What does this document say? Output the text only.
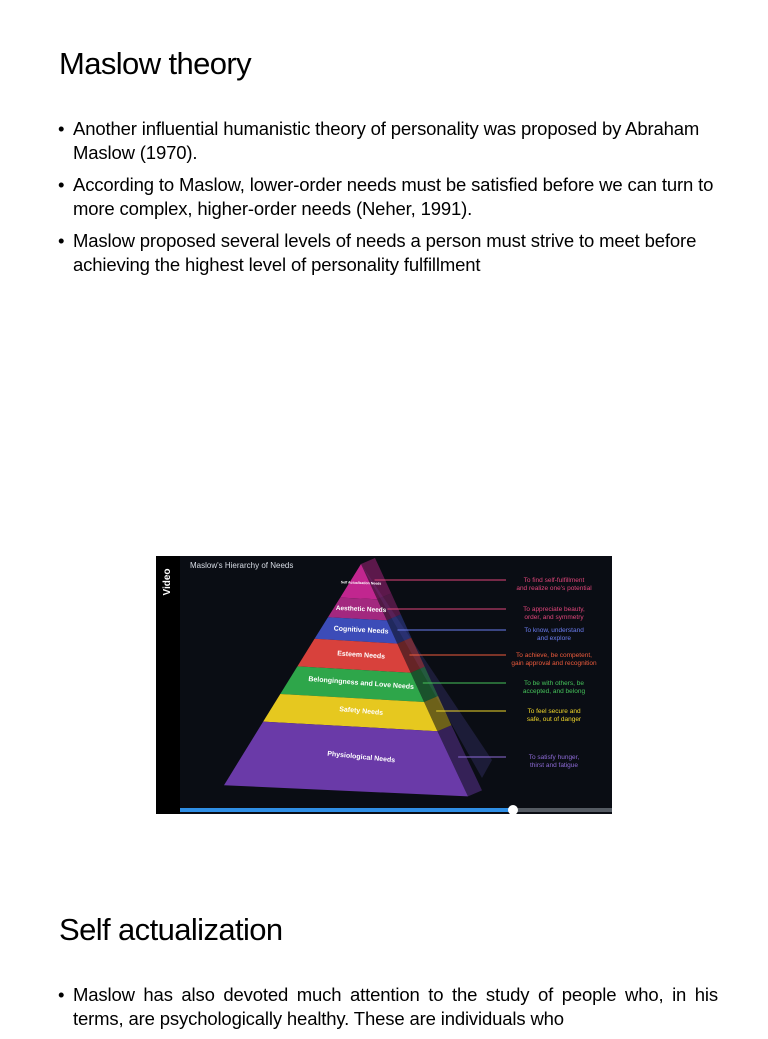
Maslow theory
• Another influential humanistic theory of personality was proposed by Abraham Maslow (1970).
• According to Maslow, lower-order needs must be satisfied before we can turn to more complex, higher-order needs (Neher, 1991).
• Maslow proposed several levels of needs a person must strive to meet before achieving the highest level of personality fulfillment
Video
Maslow's Hierarchy of Needs
Self Actualization Needs	To find self-fulfillment
and realize one's potential
Aesthetic Needs	To appreciate beauty,
order, and symmetry
Cognitive Needs	To know, understand
and explore
Esteem Needs	To achieve, be competent,
gain approval and recognition
Belongingness and Love Needs	To be with others, be
accepted, and belong
Safety Needs	To feel secure and
safe, out of danger
Physiological Needs	To satisfy hunger,
thirst and fatigue
Self actualization
• Maslow has also devoted much attention to the study of people who, in his terms, are psychologically healthy. These are individuals who
